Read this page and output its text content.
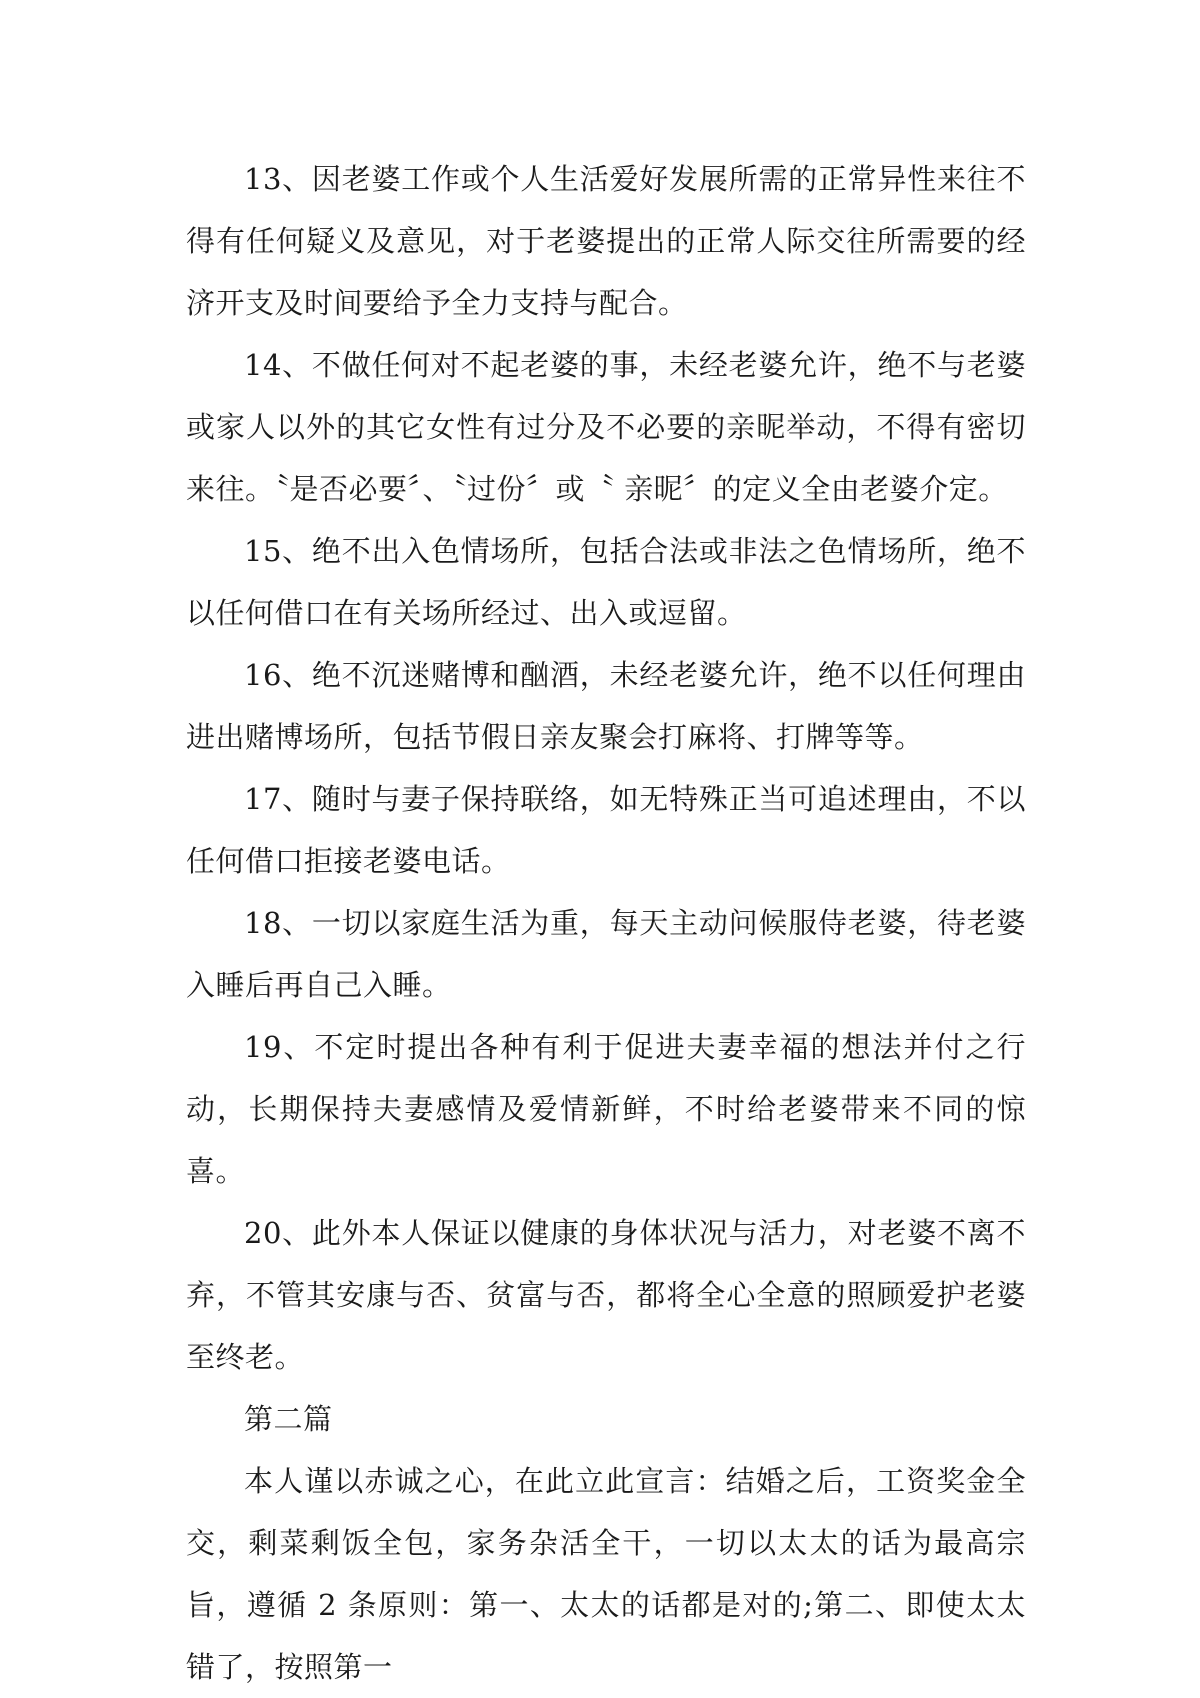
13、因老婆工作或个人生活爱好发展所需的正常异性来往不得有任何疑义及意见，对于老婆提出的正常人际交往所需要的经济开支及时间要给予全力支持与配合。

14、不做任何对不起老婆的事，未经老婆允许，绝不与老婆或家人以外的其它女性有过分及不必要的亲昵举动，不得有密切来往。〝是否必要〞、〝过份〞或〝 亲昵〞的定义全由老婆介定。

15、绝不出入色情场所，包括合法或非法之色情场所，绝不以任何借口在有关场所经过、出入或逗留。

16、绝不沉迷赌博和酗酒，未经老婆允许，绝不以任何理由进出赌博场所，包括节假日亲友聚会打麻将、打牌等等。

17、随时与妻子保持联络，如无特殊正当可追述理由，不以任何借口拒接老婆电话。

18、一切以家庭生活为重，每天主动问候服侍老婆，待老婆入睡后再自己入睡。

19、不定时提出各种有利于促进夫妻幸福的想法并付之行动，长期保持夫妻感情及爱情新鲜，不时给老婆带来不同的惊喜。

20、此外本人保证以健康的身体状况与活力，对老婆不离不弃，不管其安康与否、贫富与否，都将全心全意的照顾爱护老婆至终老。

第二篇

本人谨以赤诚之心，在此立此宣言：结婚之后，工资奖金全交，剩菜剩饭全包，家务杂活全干，一切以太太的话为最高宗旨，遵循 2 条原则：第一、太太的话都是对的;第二、即使太太错了，按照第一
